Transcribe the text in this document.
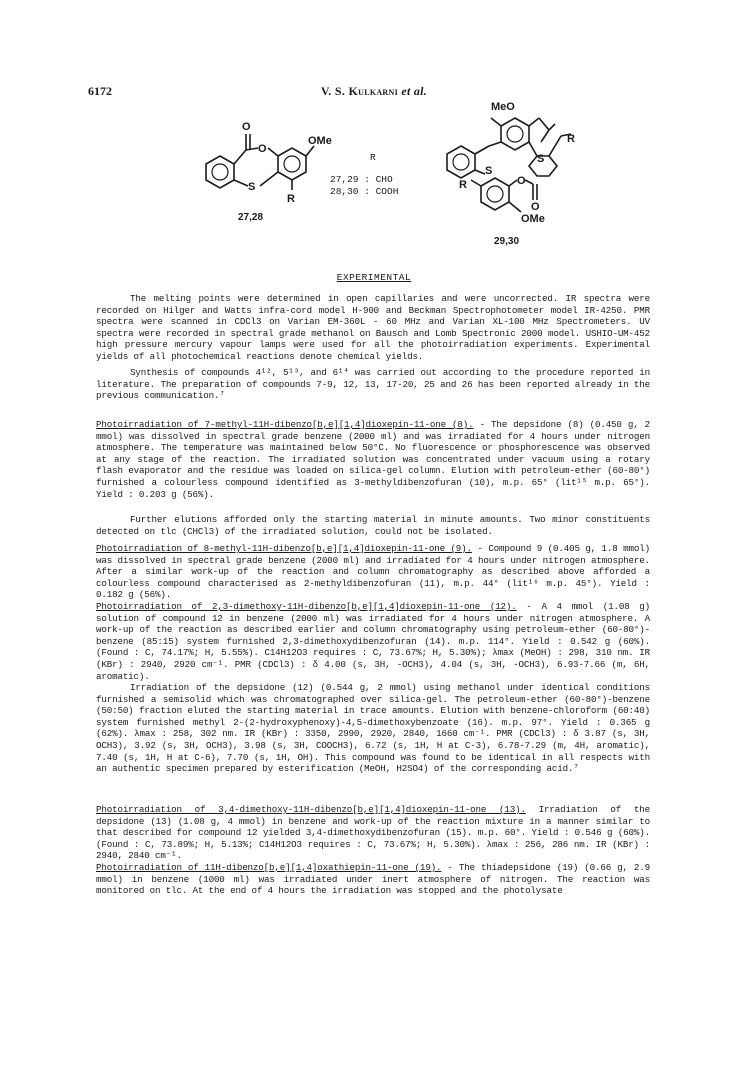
6172	V. S. Kulkarni et al.
O
O
OMe
S
R
27,28
R
27,29 : CHO
28,30 : COOH
MeO
R
S
S
R	O
O
OMe
29,30
EXPERIMENTAL

The melting points were determined in open capillaries and were uncorrected. IR spectra were recorded on Hilger and Watts infra-cord model H-900 and Beckman Spectrophotometer model IR-4250. PMR spectra were scanned in CDCl3 on Varian EM-360L - 60 MHz and Varian XL-100 MHz Spectrometers. UV spectra were recorded in spectral grade methanol on Bausch and Lomb Spectronic 2000 model. USHIO-UM-452 high pressure mercury vapour lamps were used for all the photoirradiation experiments. Experimental yields of all photochemical reactions denote chemical yields.

Synthesis of compounds 4¹², 5¹³, and 6¹⁴ was carried out according to the procedure reported in literature. The preparation of compounds 7-9, 12, 13, 17-20, 25 and 26 has been reported already in the previous communication.⁷

Photoirradiation of 7-methyl-11H-dibenzo[b,e][1,4]dioxepin-11-one (8). - The depsidone (8) (0.450 g, 2 mmol) was dissolved in spectral grade benzene (2000 ml) and was irradiated for 4 hours under nitrogen atmosphere. The temperature was maintained below 50°C. No fluorescence or phosphorescence was observed at any stage of the reaction. The irradiated solution was concentrated under vacuum using a rotary flash evaporator and the residue was loaded on silica-gel column. Elution with petroleum-ether (60-80°) furnished a colourless compound identified as 3-methyldibenzofuran (10), m.p. 65° (lit¹⁵ m.p. 65°). Yield : 0.203 g (56%).

Further elutions afforded only the starting material in minute amounts. Two minor constituents detected on tlc (CHCl3) of the irradiated solution, could not be isolated.

Photoirradiation of 8-methyl-11H-dibenzo[b,e][1,4]dioxepin-11-one (9). - Compound 9 (0.405 g, 1.8 mmol) was dissolved in spectral grade benzene (2000 ml) and irradiated for 4 hours under nitrogen atmosphere. After a similar work-up of the reaction and column chromatography as described above afforded a colourless compound characterised as 2-methyldibenzofuran (11), m.p. 44° (lit¹⁶ m.p. 45°). Yield : 0.182 g (56%).

Photoirradiation of 2,3-dimethoxy-11H-dibenzo[b,e][1,4]dioxepin-11-one (12). - A 4 mmol (1.08 g) solution of compound 12 in benzene (2000 ml) was irradiated for 4 hours under nitrogen atmosphere. A work-up of the reaction as described earlier and column chromatography using petroleum-ether (60-80°)-benzene (85:15) system furnished 2,3-dimethoxydibenzofuran (14). m.p. 114°. Yield : 0.542 g (60%). (Found : C, 74.17%; H, 5.55%). C14H12O3 requires : C, 73.67%; H, 5.30%); λmax (MeOH) : 298, 310 nm. IR (KBr) : 2940, 2920 cm⁻¹. PMR (CDCl3) : δ 4.00 (s, 3H, -OCH3), 4.04 (s, 3H, -OCH3), 6.93-7.66 (m, 6H, aromatic).

Irradiation of the depsidone (12) (0.544 g, 2 mmol) using methanol under identical conditions furnished a semisolid which was chromatographed over silica-gel. The petroleum-ether (60-80°)-benzene (50:50) fraction eluted the starting material in trace amounts. Elution with benzene-chloroform (60:40) system furnished methyl 2-(2-hydroxyphenoxy)-4,5-dimethoxybenzoate (16). m.p. 97°. Yield : 0.365 g (62%). λmax : 258, 302 nm. IR (KBr) : 3350, 2990, 2920, 2840, 1660 cm⁻¹. PMR (CDCl3) : δ 3.87 (s, 3H, OCH3), 3.92 (s, 3H, OCH3), 3.98 (s, 3H, COOCH3), 6.72 (s, 1H, H at C-3), 6.78-7.29 (m, 4H, aromatic), 7.40 (s, 1H, H at C-6), 7.70 (s, 1H, OH). This compound was found to be identical in all respects with an authentic specimen prepared by esterification (MeOH, H2SO4) of the corresponding acid.⁷

Photoirradiation of 3,4-dimethoxy-11H-dibenzo[b,e][1,4]dioxepin-11-one (13). Irradiation of the depsidone (13) (1.08 g, 4 mmol) in benzene and work-up of the reaction mixture in a manner similar to that described for compound 12 yielded 3,4-dimethoxydibenzofuran (15). m.p. 60°. Yield : 0.546 g (60%). (Found : C, 73.89%; H, 5.13%; C14H12O3 requires : C, 73.67%; H, 5.30%). λmax : 256, 286 nm. IR (KBr) : 2940, 2840 cm⁻¹.

Photoirradiation of 11H-dibenzo[b,e][1,4]oxathiepin-11-one (19). - The thiadepsidone (19) (0.66 g, 2.9 mmol) in benzene (1000 ml) was irradiated under inert atmosphere of nitrogen. The reaction was monitored on tlc. At the end of 4 hours the irradiation was stopped and the photolysate
